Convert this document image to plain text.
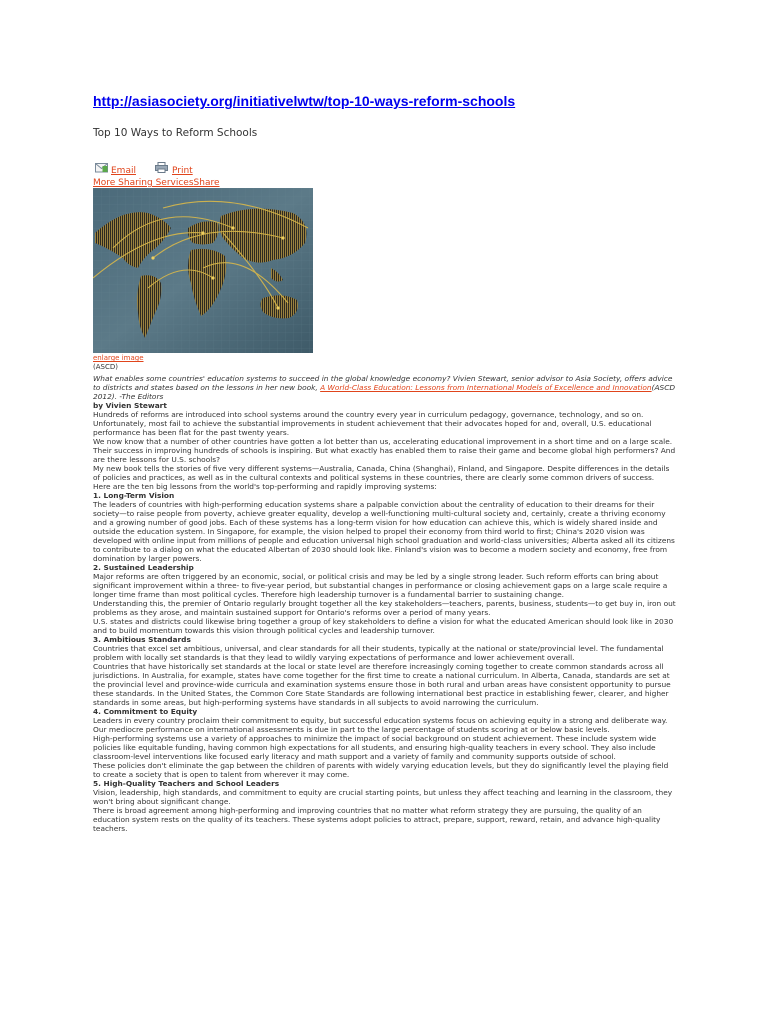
http://asiasociety.org/initiativelwtw/top-10-ways-reform-schools
Top 10 Ways to Reform Schools
Email	Print
More Sharing ServicesShare
enlarge image
(ASCD)

What enables some countries' education systems to succeed in the global knowledge economy? Vivien Stewart, senior advisor to Asia Society, offers advice to districts and states based on the lessons in her new book, A World-Class Education: Lessons from International Models of Excellence and Innovation(ASCD 2012). -The Editors

by Vivien Stewart

Hundreds of reforms are introduced into school systems around the country every year in curriculum pedagogy, governance, technology, and so on. Unfortunately, most fail to achieve the substantial improvements in student achievement that their advocates hoped for and, overall, U.S. educational performance has been flat for the past twenty years.

We now know that a number of other countries have gotten a lot better than us, accelerating educational improvement in a short time and on a large scale. Their success in improving hundreds of schools is inspiring. But what exactly has enabled them to raise their game and become global high performers? And are there lessons for U.S. schools?

My new book tells the stories of five very different systems—Australia, Canada, China (Shanghai), Finland, and Singapore. Despite differences in the details of policies and practices, as well as in the cultural contexts and political systems in these countries, there are clearly some common drivers of success.

Here are the ten big lessons from the world's top-performing and rapidly improving systems:

1. Long-Term Vision

The leaders of countries with high-performing education systems share a palpable conviction about the centrality of education to their dreams for their society—to raise people from poverty, achieve greater equality, develop a well-functioning multi-cultural society and, certainly, create a thriving economy and a growing number of good jobs. Each of these systems has a long-term vision for how education can achieve this, which is widely shared inside and outside the education system. In Singapore, for example, the vision helped to propel their economy from third world to first; China's 2020 vision was developed with online input from millions of people and education universal high school graduation and world-class universities; Alberta asked all its citizens to contribute to a dialog on what the educated Albertan of 2030 should look like. Finland's vision was to become a modern society and economy, free from domination by larger powers.

2. Sustained Leadership

Major reforms are often triggered by an economic, social, or political crisis and may be led by a single strong leader. Such reform efforts can bring about significant improvement within a three- to five-year period, but substantial changes in performance or closing achievement gaps on a large scale require a longer time frame than most political cycles. Therefore high leadership turnover is a fundamental barrier to sustaining change.

Understanding this, the premier of Ontario regularly brought together all the key stakeholders—teachers, parents, business, students—to get buy in, iron out problems as they arose, and maintain sustained support for Ontario's reforms over a period of many years.

U.S. states and districts could likewise bring together a group of key stakeholders to define a vision for what the educated American should look like in 2030 and to build momentum towards this vision through political cycles and leadership turnover.

3. Ambitious Standards

Countries that excel set ambitious, universal, and clear standards for all their students, typically at the national or state/provincial level. The fundamental problem with locally set standards is that they lead to wildly varying expectations of performance and lower achievement overall.

Countries that have historically set standards at the local or state level are therefore increasingly coming together to create common standards across all jurisdictions. In Australia, for example, states have come together for the first time to create a national curriculum. In Alberta, Canada, standards are set at the provincial level and province-wide curricula and examination systems ensure those in both rural and urban areas have consistent opportunity to pursue these standards. In the United States, the Common Core State Standards are following international best practice in establishing fewer, clearer, and higher standards in some areas, but high-performing systems have standards in all subjects to avoid narrowing the curriculum.

4. Commitment to Equity

Leaders in every country proclaim their commitment to equity, but successful education systems focus on achieving equity in a strong and deliberate way.

Our mediocre performance on international assessments is due in part to the large percentage of students scoring at or below basic levels.

High-performing systems use a variety of approaches to minimize the impact of social background on student achievement. These include system wide policies like equitable funding, having common high expectations for all students, and ensuring high-quality teachers in every school. They also include classroom-level interventions like focused early literacy and math support and a variety of family and community supports outside of school.

These policies don't eliminate the gap between the children of parents with widely varying education levels, but they do significantly level the playing field to create a society that is open to talent from wherever it may come.

5. High-Quality Teachers and School Leaders

Vision, leadership, high standards, and commitment to equity are crucial starting points, but unless they affect teaching and learning in the classroom, they won't bring about significant change.

There is broad agreement among high-performing and improving countries that no matter what reform strategy they are pursuing, the quality of an education system rests on the quality of its teachers. These systems adopt policies to attract, prepare, support, reward, retain, and advance high-quality teachers.
